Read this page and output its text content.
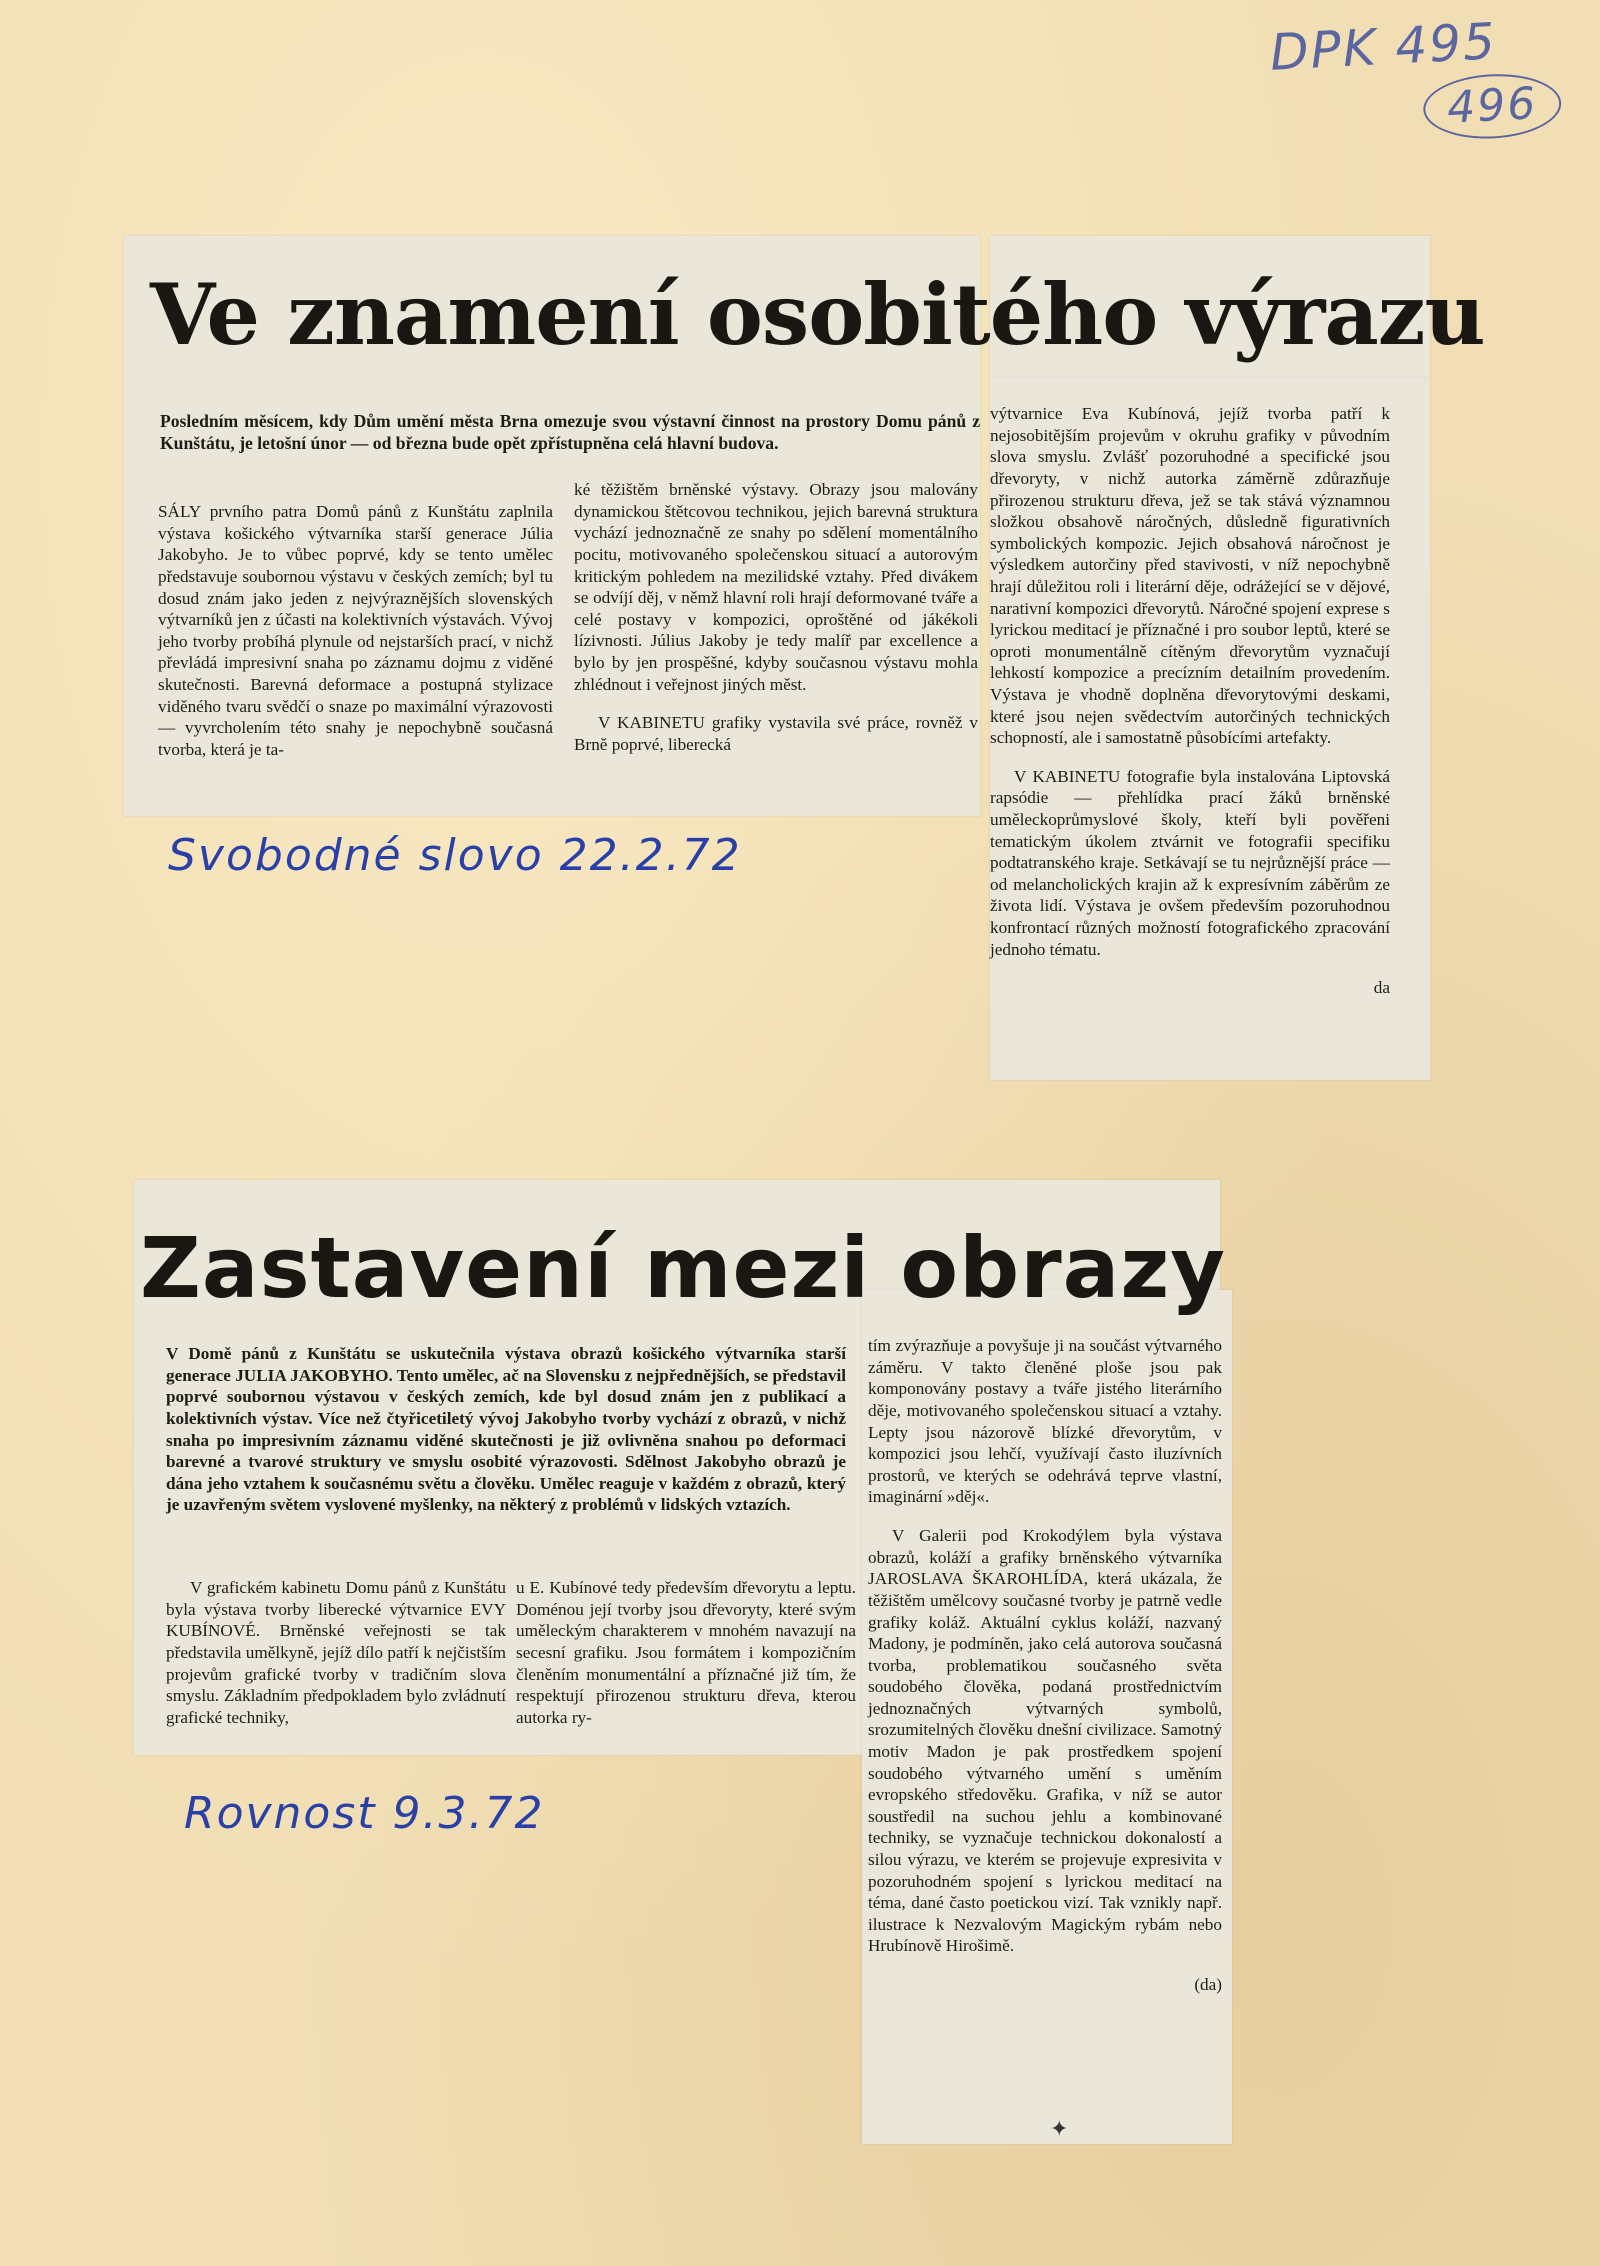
DPK 495
496
Ve znamení osobitého výrazu

Posledním měsícem, kdy Dům umění města Brna omezuje svou výstavní činnost na prostory Domu pánů z Kunštátu, je letošní únor — od března bude opět zpřístupněna celá hlavní budova.

SÁLY prvního patra Domů pánů z Kunštátu zaplnila výstava košického výtvarníka starší generace Júlia Jakobyho. Je to vůbec poprvé, kdy se tento umělec představuje soubornou výstavu v českých zemích; byl tu dosud znám jako jeden z nejvýraznějších slovenských výtvarníků jen z účasti na kolektivních výstavách. Vývoj jeho tvorby probíhá plynule od nejstarších prací, v nichž převládá impresivní snaha po záznamu dojmu z viděné skutečnosti. Barevná deformace a postupná stylizace viděného tvaru svědčí o snaze po maximální výrazovosti — vyvrcholením této snahy je nepochybně současná tvorba, která je ta-

ké těžištěm brněnské výstavy. Obrazy jsou malovány dynamickou štětcovou technikou, jejich barevná struktura vychází jednoznačně ze snahy po sdělení momentálního pocitu, motivovaného společenskou situací a autorovým kritickým pohledem na mezilidské vztahy. Před divákem se odvíjí děj, v němž hlavní roli hrají deformované tváře a celé postavy v kompozici, oproštěné od jákékoli lízivnosti. Július Jakoby je tedy malíř par excellence a bylo by jen prospěšné, kdyby současnou výstavu mohla zhlédnout i veřejnost jiných měst.

V KABINETU grafiky vystavila své práce, rovněž v Brně poprvé, liberecká

výtvarnice Eva Kubínová, jejíž tvorba patří k nejosobitějším projevům v okruhu grafiky v původním slova smyslu. Zvlášť pozoruhodné a specifické jsou dřevoryty, v nichž autorka záměrně zdůrazňuje přirozenou strukturu dřeva, jež se tak stává významnou složkou obsahově náročných, důsledně figurativních symbolických kompozic. Jejich obsahová náročnost je výsledkem autorčiny před stavivosti, v níž nepochybně hrají důležitou roli i literární děje, odrážející se v dějové, narativní kompozici dřevorytů. Náročné spojení exprese s lyrickou meditací je příznačné i pro soubor leptů, které se oproti monumentálně cítěným dřevorytům vyznačují lehkostí kompozice a precízním detailním provedením. Výstava je vhodně doplněna dřevorytovými deskami, které jsou nejen svědectvím autorčiných technických schopností, ale i samostatně působícími artefakty.

V KABINETU fotografie byla instalována Liptovská rapsódie — přehlídka prací žáků brněnské uměleckoprůmyslové školy, kteří byli pověřeni tematickým úkolem ztvárnit ve fotografii specifiku podtatranského kraje. Setkávají se tu nejrůznější práce — od melancholických krajin až k expresívním záběrům ze života lidí. Výstava je ovšem především pozoruhodnou konfrontací různých možností fotografického zpracování jednoho tématu.

da

Svobodné slovo 22.2.72
Zastavení mezi obrazy

V Domě pánů z Kunštátu se uskutečnila výstava obrazů košického výtvarníka starší generace JULIA JAKOBYHO. Tento umělec, ač na Slovensku z nejpřednějších, se představil poprvé soubornou výstavou v českých zemích, kde byl dosud znám jen z publikací a kolektivních výstav. Více než čtyřicetiletý vývoj Jakobyho tvorby vychází z obrazů, v nichž snaha po impresivním záznamu viděné skutečnosti je již ovlivněna snahou po deformaci barevné a tvarové struktury ve smyslu osobité výrazovosti. Sdělnost Jakobyho obrazů je dána jeho vztahem k současnému světu a člověku. Umělec reaguje v každém z obrazů, který je uzavřeným světem vyslovené myšlenky, na některý z problémů v lidských vztazích.

V grafickém kabinetu Domu pánů z Kunštátu byla výstava tvorby liberecké výtvarnice EVY KUBÍNOVÉ. Brněnské veřejnosti se tak představila umělkyně, jejíž dílo patří k nejčistším projevům grafické tvorby v tradičním slova smyslu. Základním předpokladem bylo zvládnutí grafické techniky,

u E. Kubínové tedy především dřevorytu a leptu. Doménou její tvorby jsou dřevoryty, které svým uměleckým charakterem v mnohém navazují na secesní grafiku. Jsou formátem i kompozičním členěním monumentální a příznačné již tím, že respektují přirozenou strukturu dřeva, kterou autorka ry-

tím zvýrazňuje a povyšuje ji na součást výtvarného záměru. V takto členěné ploše jsou pak komponovány postavy a tváře jistého literárního děje, motivovaného společenskou situací a vztahy. Lepty jsou názorově blízké dřevorytům, v kompozici jsou lehčí, využívají často iluzívních prostorů, ve kterých se odehrává teprve vlastní, imaginární »děj«.

V Galerii pod Krokodýlem byla výstava obrazů, koláží a grafiky brněnského výtvarníka JAROSLAVA ŠKAROHLÍDA, která ukázala, že těžištěm umělcovy současné tvorby je patrně vedle grafiky koláž. Aktuální cyklus koláží, nazvaný Madony, je podmíněn, jako celá autorova současná tvorba, problematikou současného světa soudobého člověka, podaná prostřednictvím jednoznačných výtvarných symbolů, srozumitelných člověku dnešní civilizace. Samotný motiv Madon je pak prostředkem spojení soudobého výtvarného umění s uměním evropského středověku. Grafika, v níž se autor soustředil na suchou jehlu a kombinované techniky, se vyznačuje technickou dokonalostí a silou výrazu, ve kterém se projevuje expresivita v pozoruhodném spojení s lyrickou meditací na téma, dané často poetickou vizí. Tak vznikly např. ilustrace k Nezvalovým Magickým rybám nebo Hrubínově Hirošimě.

(da)

Rovnost 9.3.72
✦
